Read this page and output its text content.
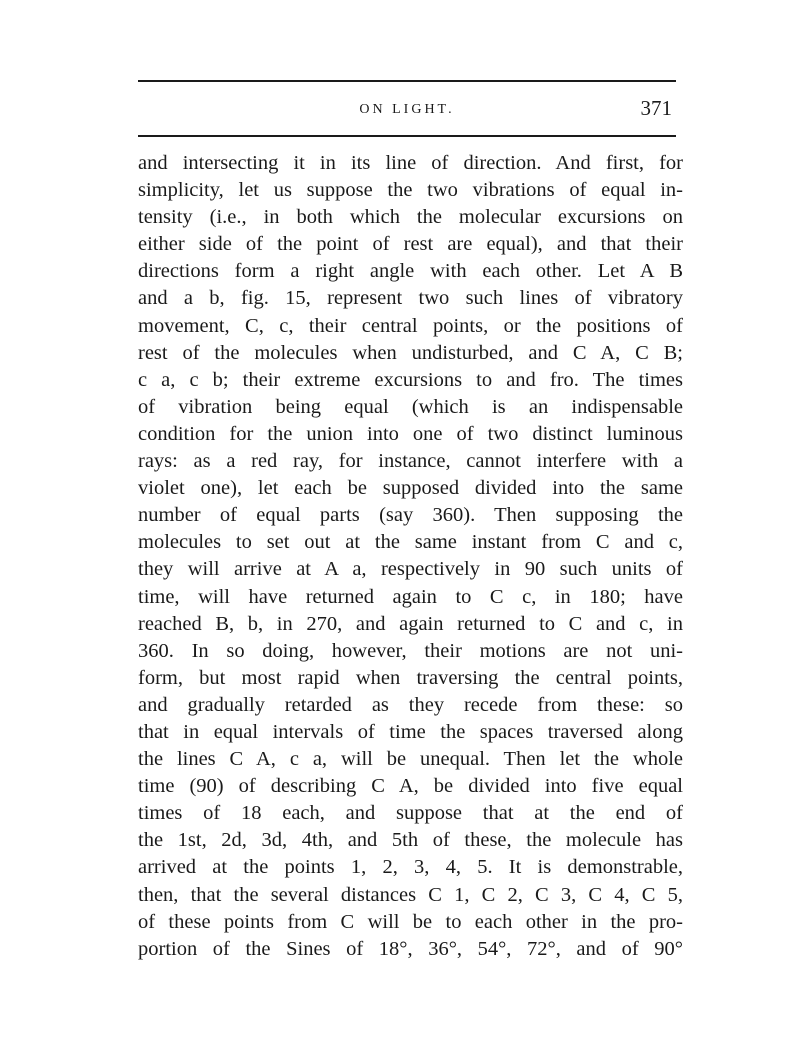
ON LIGHT.	371
and intersecting it in its line of direction. And first, for
simplicity, let us suppose the two vibrations of equal in-
tensity (i.e., in both which the molecular excursions on
either side of the point of rest are equal), and that their
directions form a right angle with each other. Let A B
and a b, fig. 15, represent two such lines of vibratory
movement, C, c, their central points, or the positions of
rest of the molecules when undisturbed, and C A, C B;
c a, c b; their extreme excursions to and fro. The times
of vibration being equal (which is an indispensable
condition for the union into one of two distinct luminous
rays: as a red ray, for instance, cannot interfere with a
violet one), let each be supposed divided into the same
number of equal parts (say 360). Then supposing the
molecules to set out at the same instant from C and c,
they will arrive at A a, respectively in 90 such units of
time, will have returned again to C c, in 180; have
reached B, b, in 270, and again returned to C and c, in
360. In so doing, however, their motions are not uni-
form, but most rapid when traversing the central points,
and gradually retarded as they recede from these: so
that in equal intervals of time the spaces traversed along
the lines C A, c a, will be unequal. Then let the whole
time (90) of describing C A, be divided into five equal
times of 18 each, and suppose that at the end of
the 1st, 2d, 3d, 4th, and 5th of these, the molecule has
arrived at the points 1, 2, 3, 4, 5. It is demonstrable,
then, that the several distances C 1, C 2, C 3, C 4, C 5,
of these points from C will be to each other in the pro-
portion of the Sines of 18°, 36°, 54°, 72°, and of 90°
